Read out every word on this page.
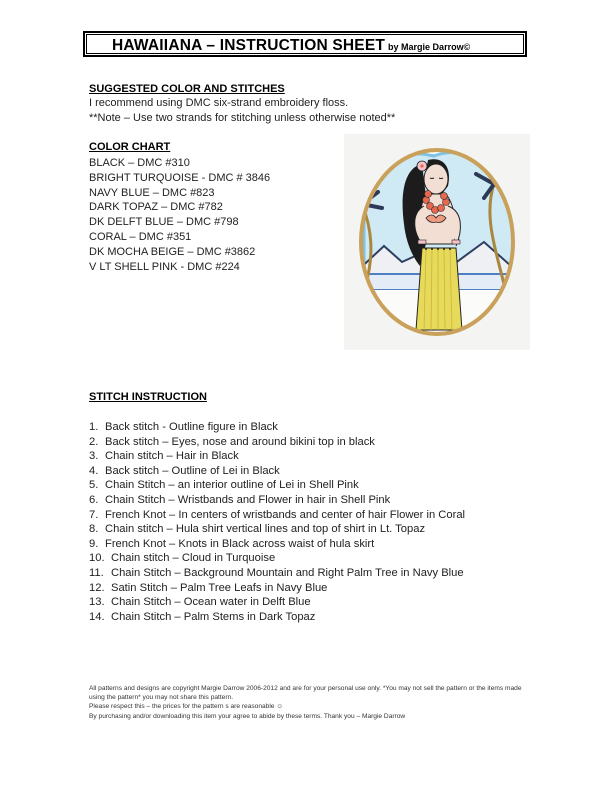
HAWAIIANA – INSTRUCTION SHEET by Margie Darrow©
SUGGESTED COLOR AND STITCHES
I recommend using DMC six-strand embroidery floss.
**Note – Use two strands for stitching unless otherwise noted**
COLOR CHART
BLACK – DMC #310
BRIGHT TURQUOISE - DMC # 3846
NAVY BLUE – DMC #823
DARK TOPAZ – DMC #782
DK DELFT BLUE – DMC #798
CORAL – DMC #351
DK MOCHA BEIGE – DMC #3862
V LT SHELL PINK - DMC #224
STITCH INSTRUCTION
1. Back stitch - Outline figure in Black
2. Back stitch – Eyes, nose and around bikini top in black
3. Chain stitch – Hair in Black
4. Back stitch – Outline of Lei in Black
5. Chain Stitch – an interior outline of Lei in Shell Pink
6. Chain Stitch – Wristbands and Flower in hair in Shell Pink
7. French Knot – In centers of wristbands and center of hair Flower in Coral
8. Chain stitch – Hula shirt vertical lines and top of shirt in Lt. Topaz
9. French Knot – Knots in Black across waist of hula skirt
10. Chain stitch – Cloud in Turquoise
11. Chain Stitch – Background Mountain and Right Palm Tree in Navy Blue
12. Satin Stitch – Palm Tree Leafs in Navy Blue
13. Chain Stitch – Ocean water in Delft Blue
14. Chain Stitch – Palm Stems in Dark Topaz
All patterns and designs are copyright Margie Darrow 2006-2012 and are for your personal use only. *You may not sell the pattern or the items made using the pattern* you may not share this pattern.
Please respect this – the prices for the pattern s are reasonable ☺
By purchasing and/or downloading this item your agree to abide by these terms. Thank you – Margie Darrow
